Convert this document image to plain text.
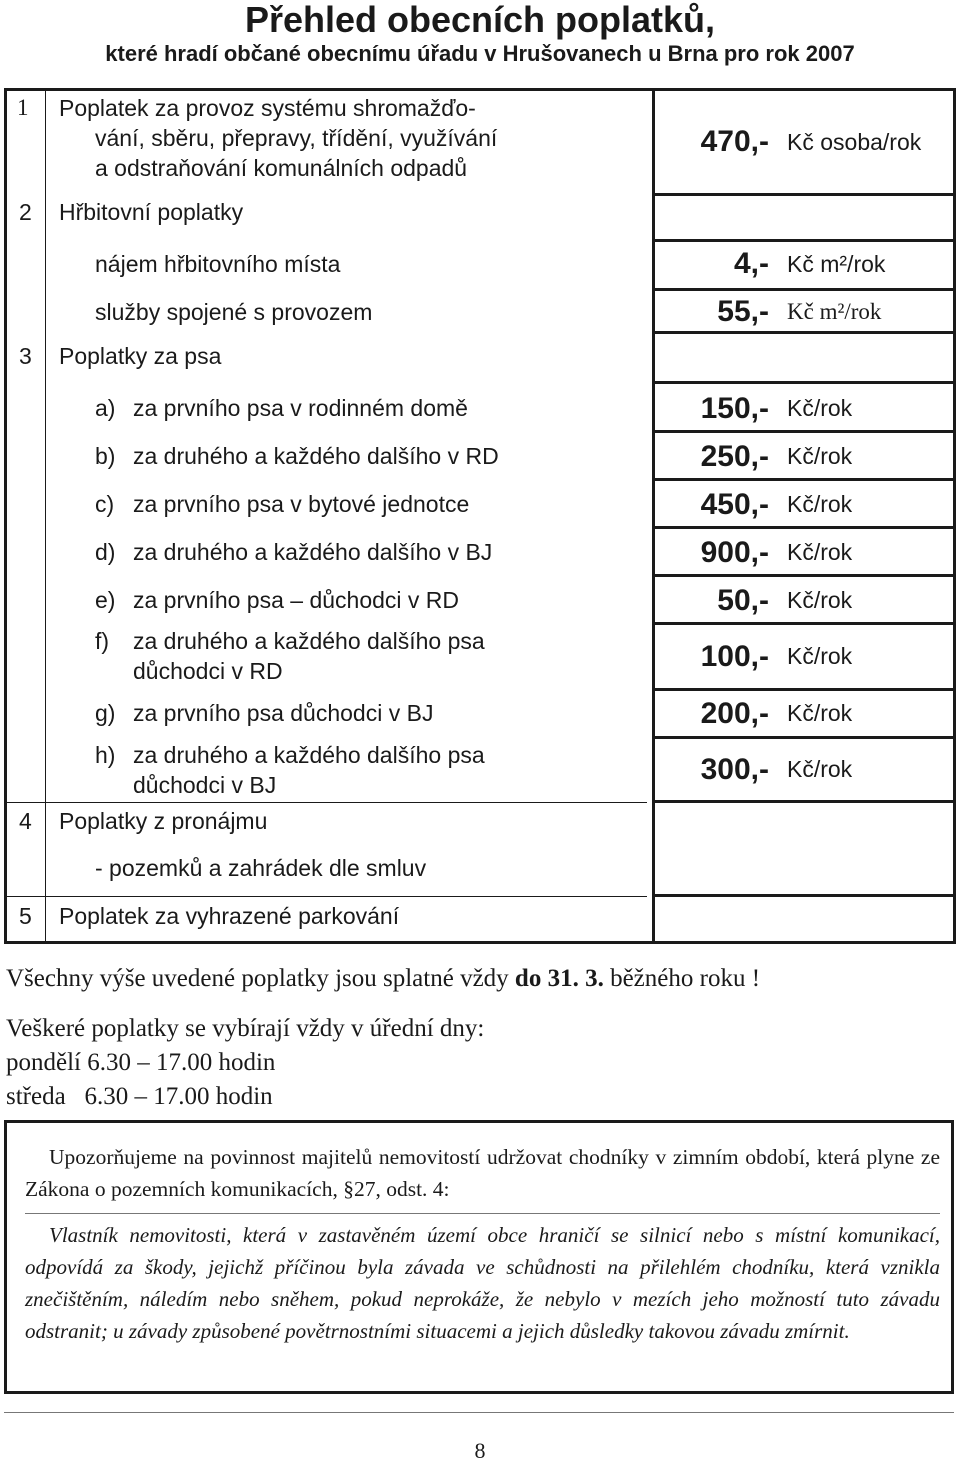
Přehled obecních poplatků,
které hradí občané obecnímu úřadu v Hrušovanech u Brna pro rok 2007
1 Poplatek za provoz systému shromažďo-
vání, sběru, přepravy, třídění, využívání
a odstraňování komunálních odpadů
470,- Kč osoba/rok
2 Hřbitovní poplatky
nájem hřbitovního místa	4,- Kč m²/rok
služby spojené s provozem	55,- Kč m²/rok
3 Poplatky za psa
a) za prvního psa v rodinném domě	150,- Kč/rok
b) za druhého a každého dalšího v RD	250,- Kč/rok
c) za prvního psa v bytové jednotce	450,- Kč/rok
d) za druhého a každého dalšího v BJ	900,- Kč/rok
e) za prvního psa – důchodci v RD	50,- Kč/rok
f) za druhého a každého dalšího psa
důchodci v RD	100,- Kč/rok
g) za prvního psa důchodci v BJ	200,- Kč/rok
h) za druhého a každého dalšího psa
důchodci v BJ	300,- Kč/rok
4 Poplatky z pronájmu
- pozemků a zahrádek dle smluv
5 Poplatek za vyhrazené parkování
Všechny výše uvedené poplatky jsou splatné vždy do 31. 3. běžného roku !
Veškeré poplatky se vybírají vždy v úřední dny:
pondělí 6.30 – 17.00 hodin
středa   6.30 – 17.00 hodin
Upozorňujeme na povinnost majitelů nemovitostí udržovat chodníky v zimním období, která plyne ze Zákona o pozemních komunikacích, §27, odst. 4:
Vlastník nemovitosti, která v zastavěném území obce hraničí se silnicí nebo s místní komunikací, odpovídá za škody, jejichž příčinou byla závada ve schůdnosti na přilehlém chodníku, která vznikla znečištěním, náledím nebo sněhem, pokud neprokáže, že nebylo v mezích jeho možností tuto závadu odstranit; u závady způsobené povětrnostními situacemi a jejich důsledky takovou závadu zmírnit.
8
